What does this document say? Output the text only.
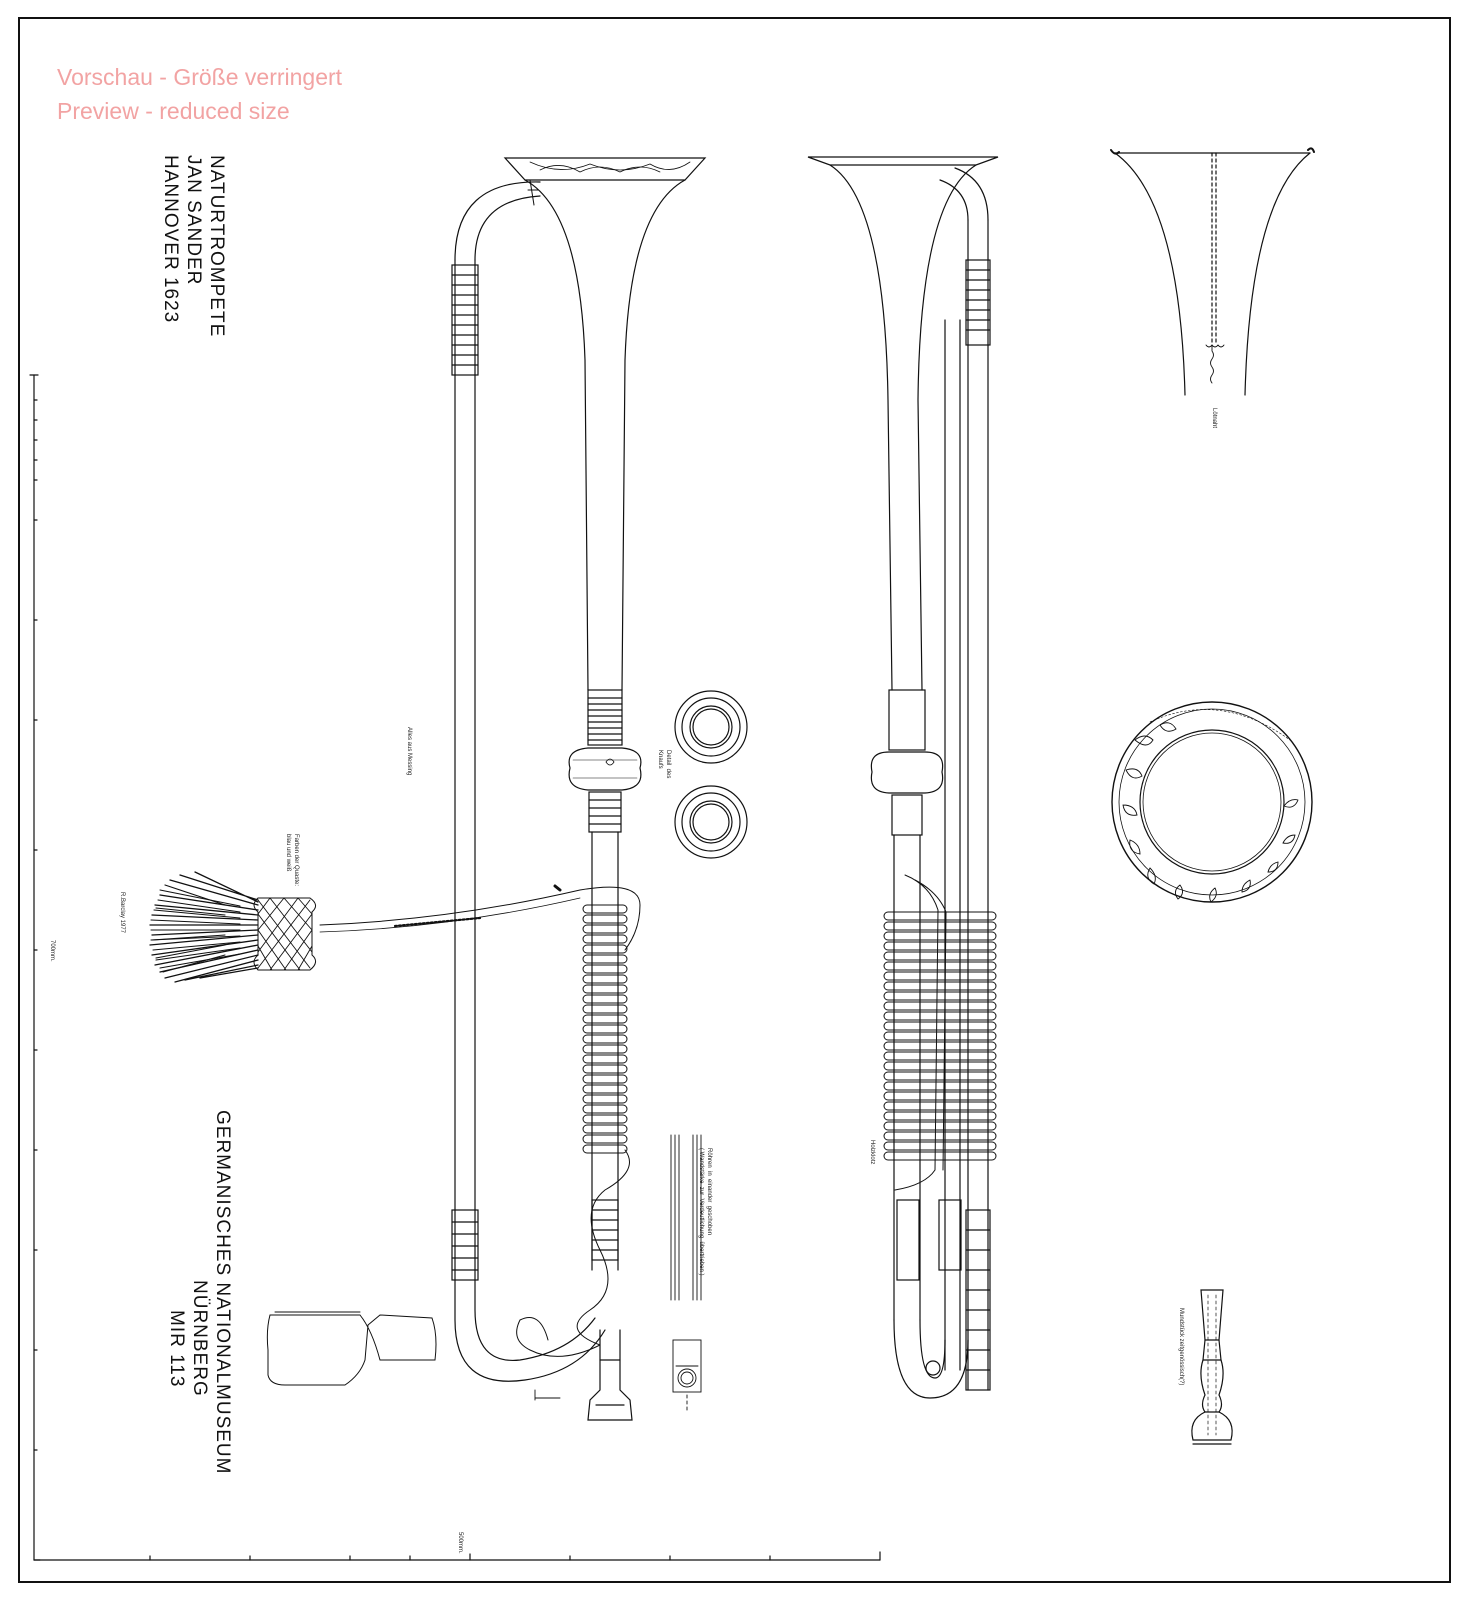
Vorschau - Größe verringert
Preview - reduced size
NATURTROMPETE
JAN SANDER
HANNOVER 1623
GERMANISCHES NATIONALMUSEUM
NÜRNBERG
MIR 113
Alles aus Messing	Detail  des
Knaufs
Farben der Quaste:
blau und weiß
R.Barclay 1977
Röhren  in  einander  geschoben
( Wandstärke  zur  Verdeutlichung  übertrieben )
Holzklotz
Lötnaht
Mundstück zeitgenössisch(?)
700mm.
500mm.
